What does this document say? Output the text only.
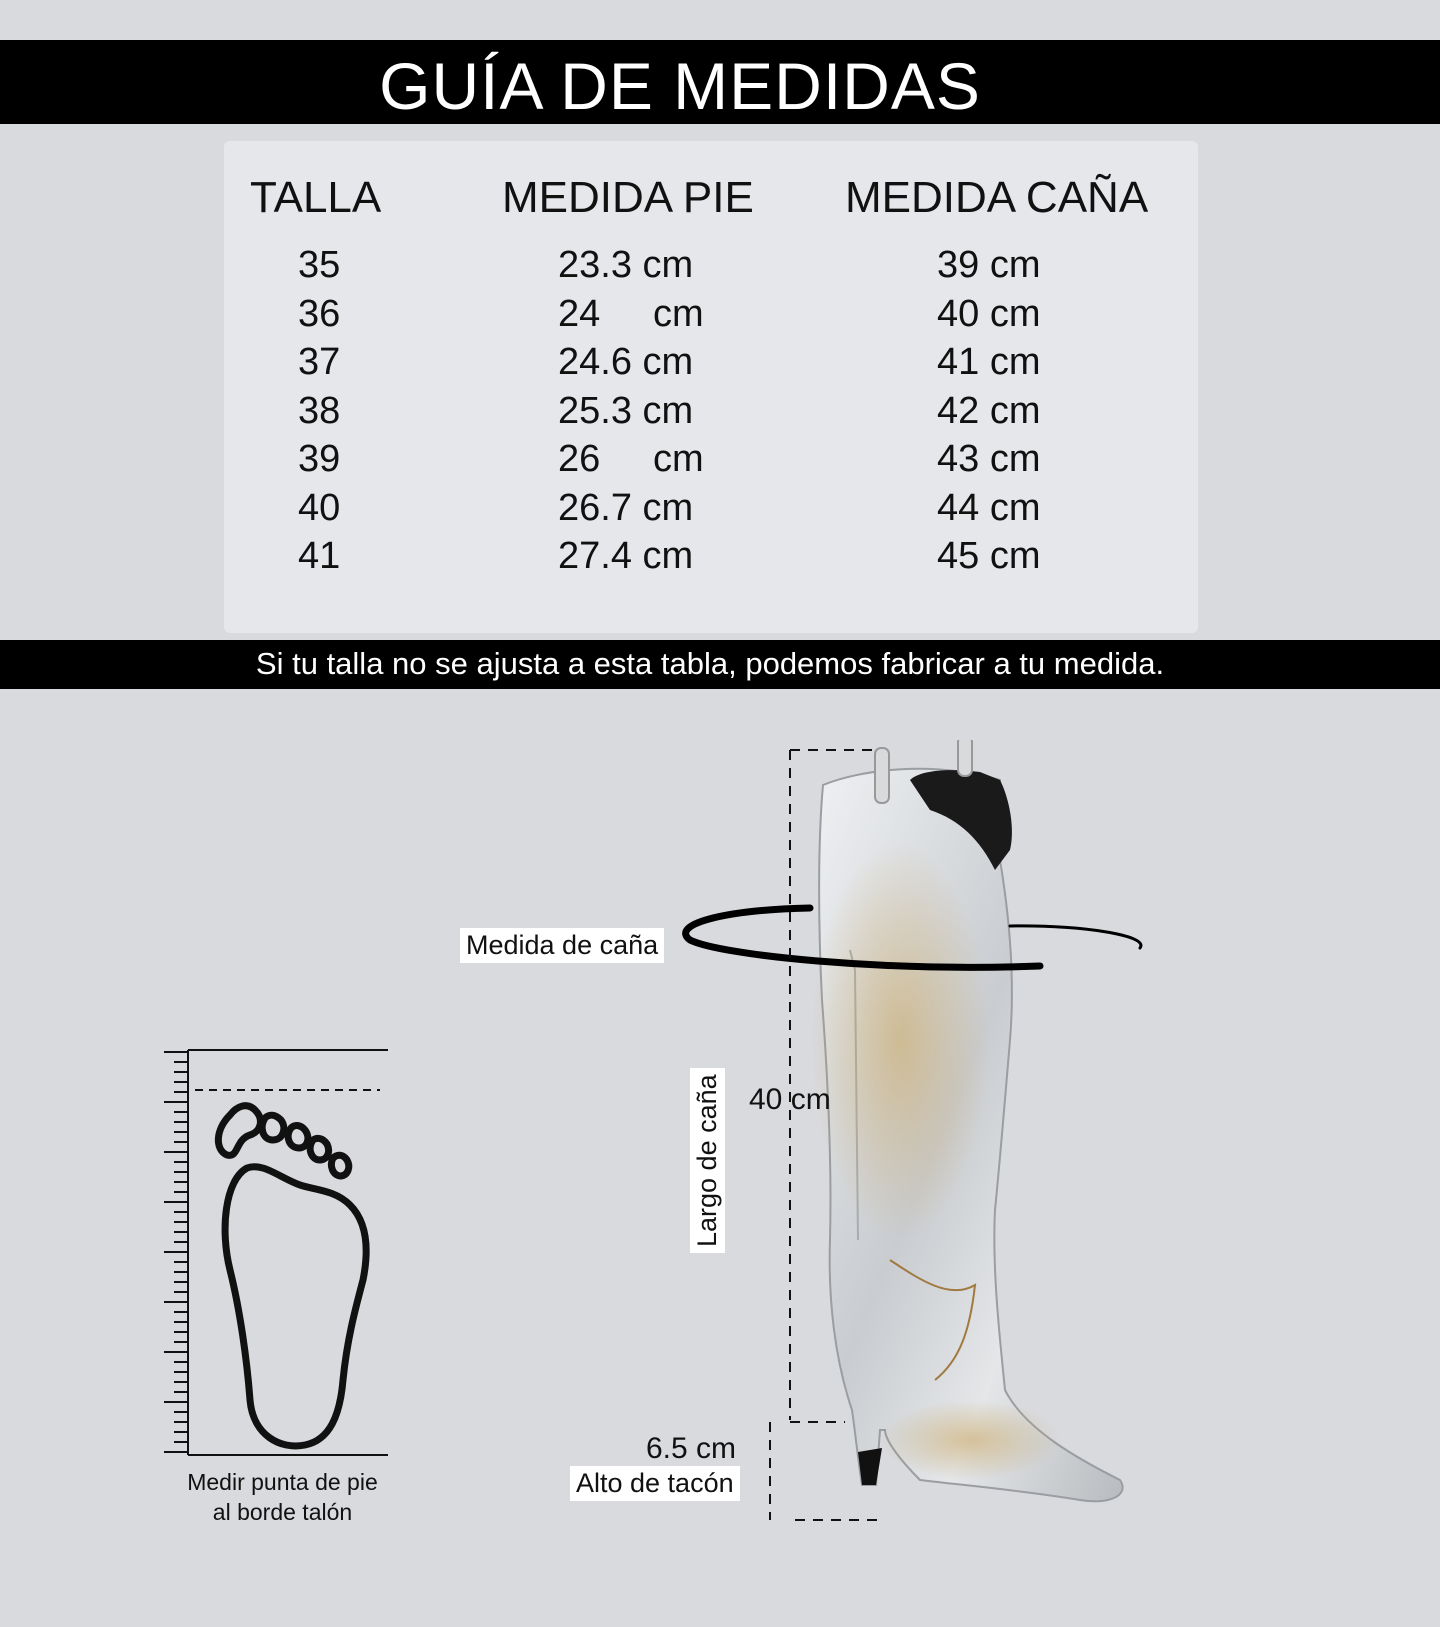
GUÍA DE MEDIDAS
TALLA	MEDIDA PIE MEDIDA CAÑA
35
36
37
38
39
40
41
23.3 cm
24     cm
24.6 cm
25.3 cm
26     cm
26.7 cm
27.4 cm
39 cm
40 cm
41 cm
42 cm
43 cm
44 cm
45 cm

Si tu talla no se ajusta a esta tabla, podemos fabricar a tu medida.

Medir punta de pie
al borde talón
Medida de caña
Largo de caña 40 cm
6.5 cm
Alto de tacón
